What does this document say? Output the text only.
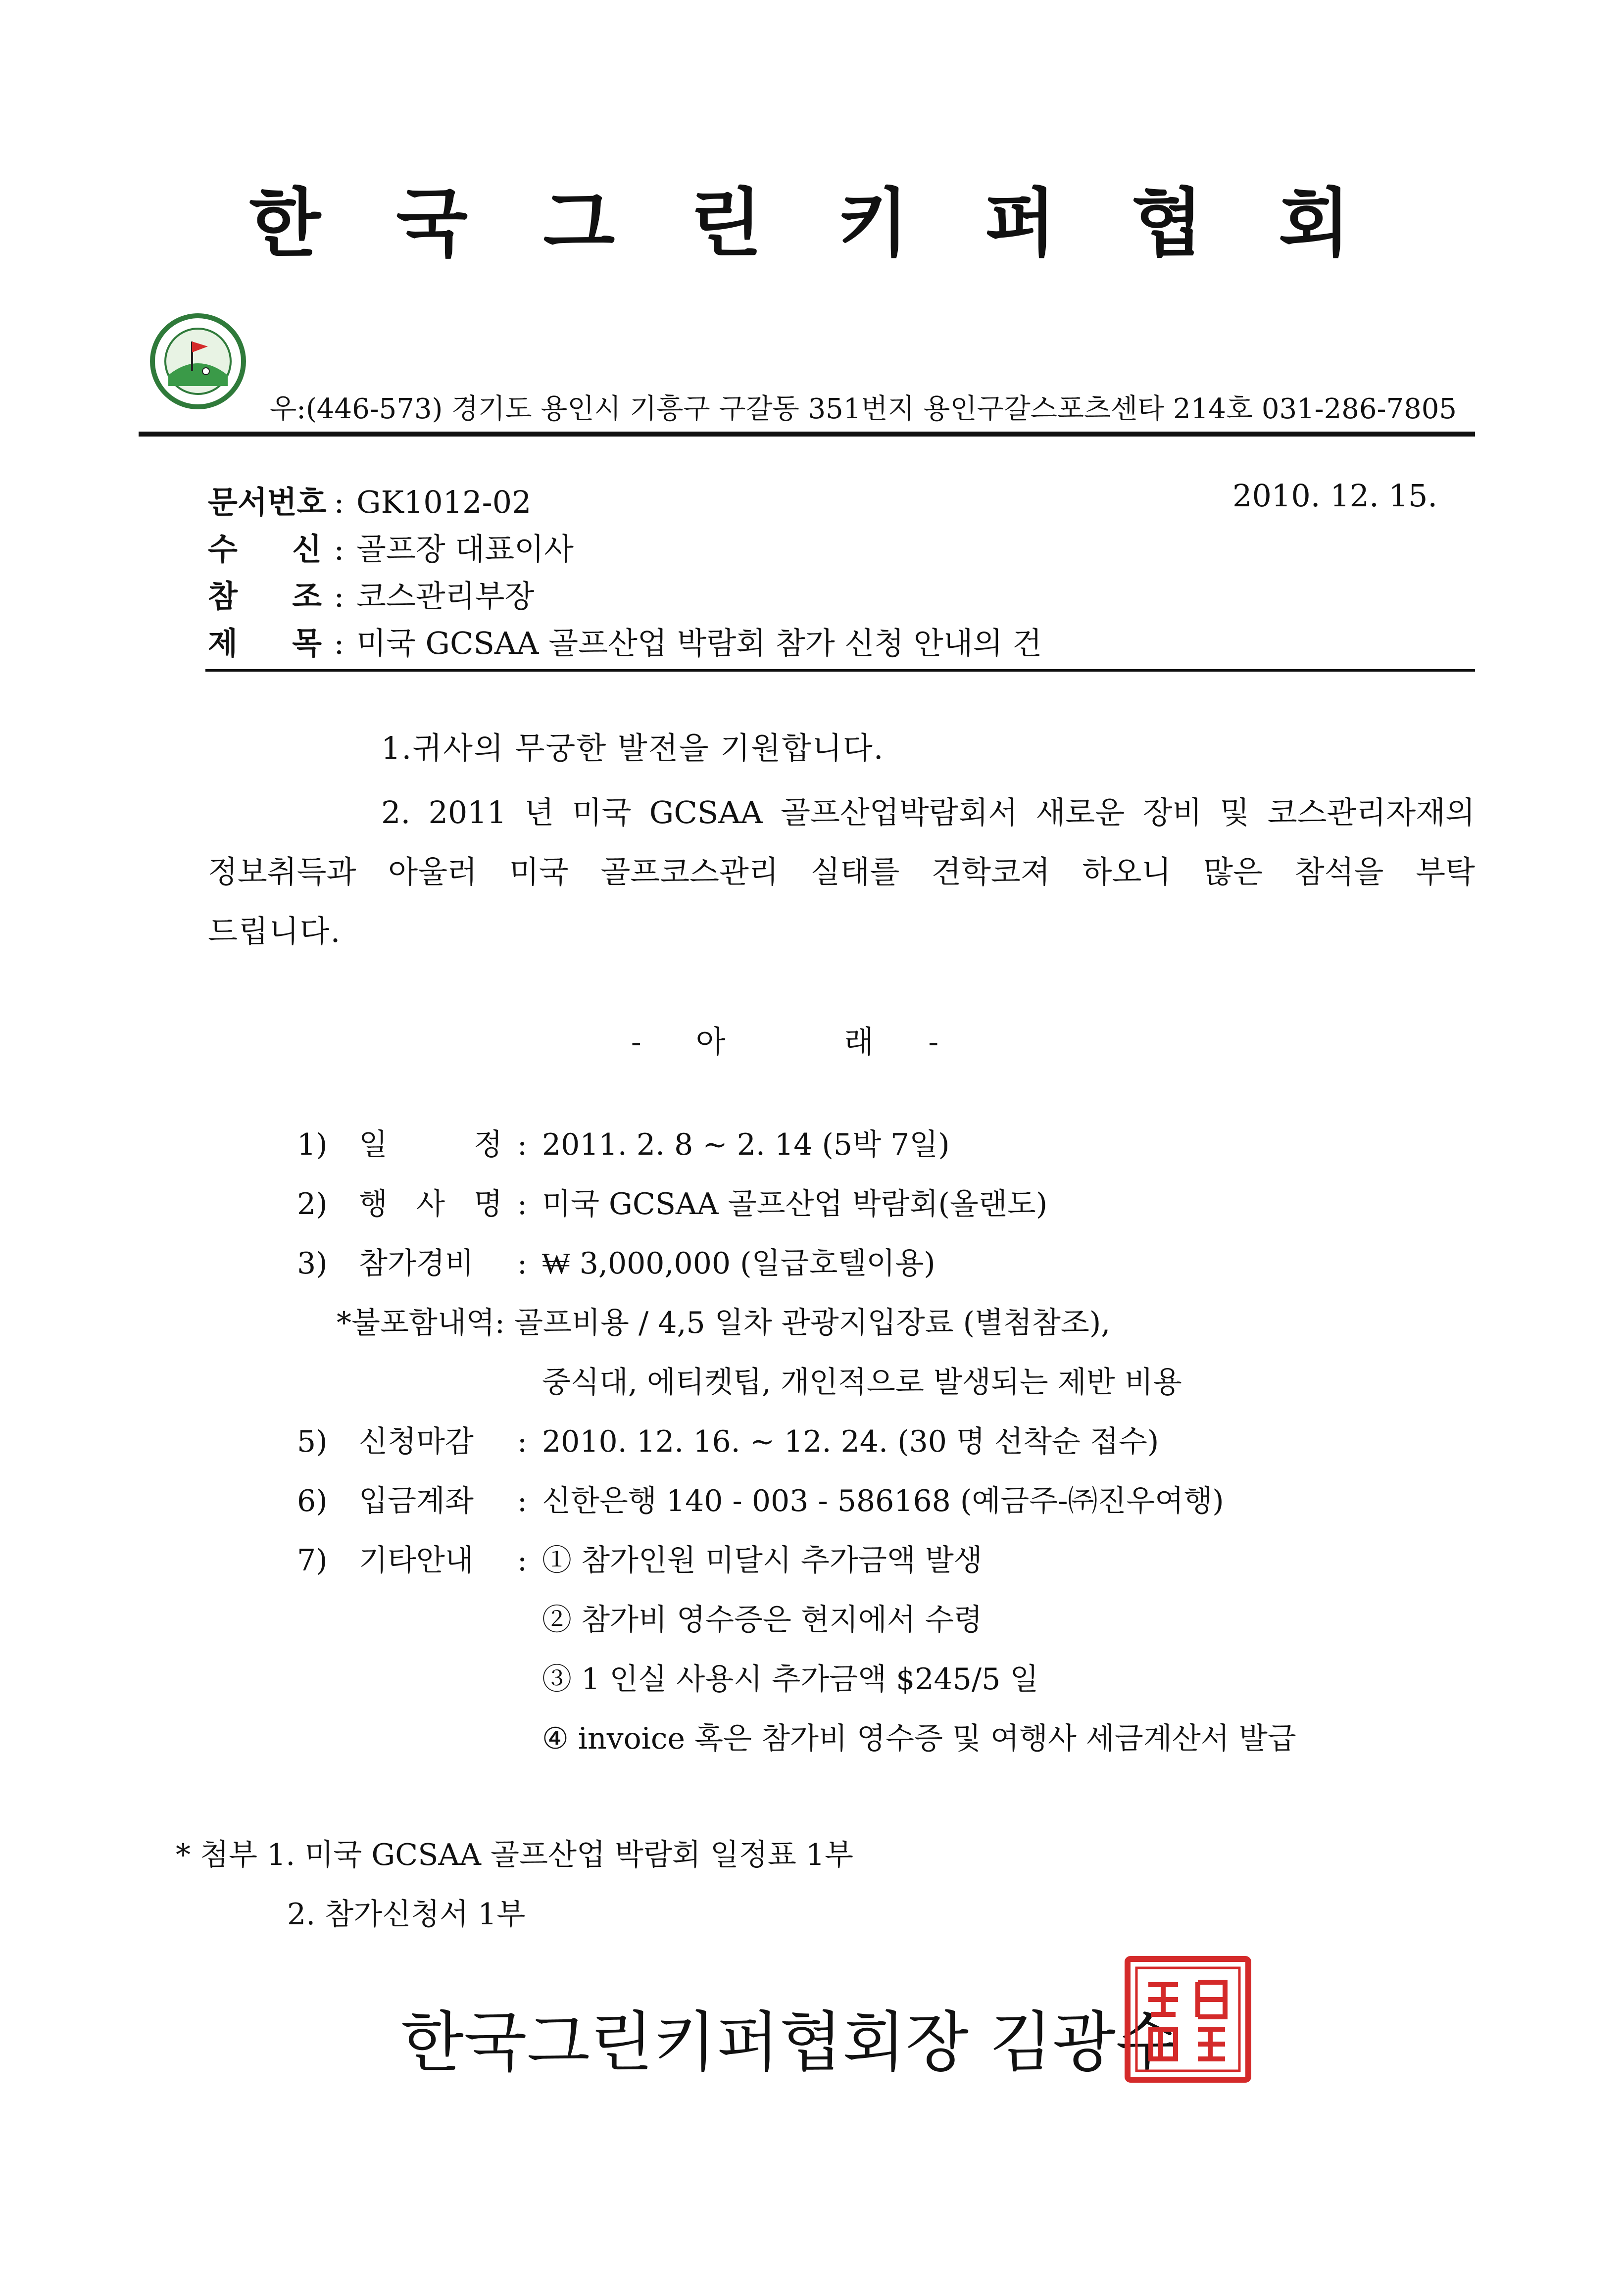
한 국 그 린 키 퍼 협 회
우:(446-573) 경기도 용인시 기흥구 구갈동 351번지 용인구갈스포츠센타 214호 031-286-7805
문서번호 : GK1012-02	2010. 12. 15.
수 신 : 골프장 대표이사
참 조 : 코스관리부장
제 목 : 미국 GCSAA 골프산업 박람회 참가 신청 안내의 건
1.귀사의 무궁한 발전을 기원합니다.
2. 2011 년 미국 GCSAA 골프산업박람회서 새로운 장비 및 코스관리자재의
정보취득과 아울러 미국 골프코스관리 실태를 견학코져 하오니 많은 참석을 부탁
드립니다.
-아 래-
1) 일 정 : 2011. 2. 8 ~ 2. 14 (5박 7일)
2) 행 사 명 : 미국 GCSAA 골프산업 박람회(올랜도)
3) 참가경비 : ₩ 3,000,000 (일급호텔이용)
*불포함내역: 골프비용 / 4,5 일차 관광지입장료 (별첨참조),
중식대, 에티켓팁, 개인적으로 발생되는 제반 비용
5) 신청마감 : 2010. 12. 16. ~ 12. 24. (30 명 선착순 접수)
6) 입금계좌 : 신한은행 140 - 003 - 586168 (예금주-㈜진우여행)
7) 기타안내 : ① 참가인원 미달시 추가금액 발생
② 참가비 영수증은 현지에서 수령
③ 1 인실 사용시 추가금액 $245/5 일
④ invoice 혹은 참가비 영수증 및 여행사 세금계산서 발급
* 첨부 1. 미국 GCSAA 골프산업 박람회 일정표 1부
2. 참가신청서 1부
한국그린키퍼협회장 김광수
